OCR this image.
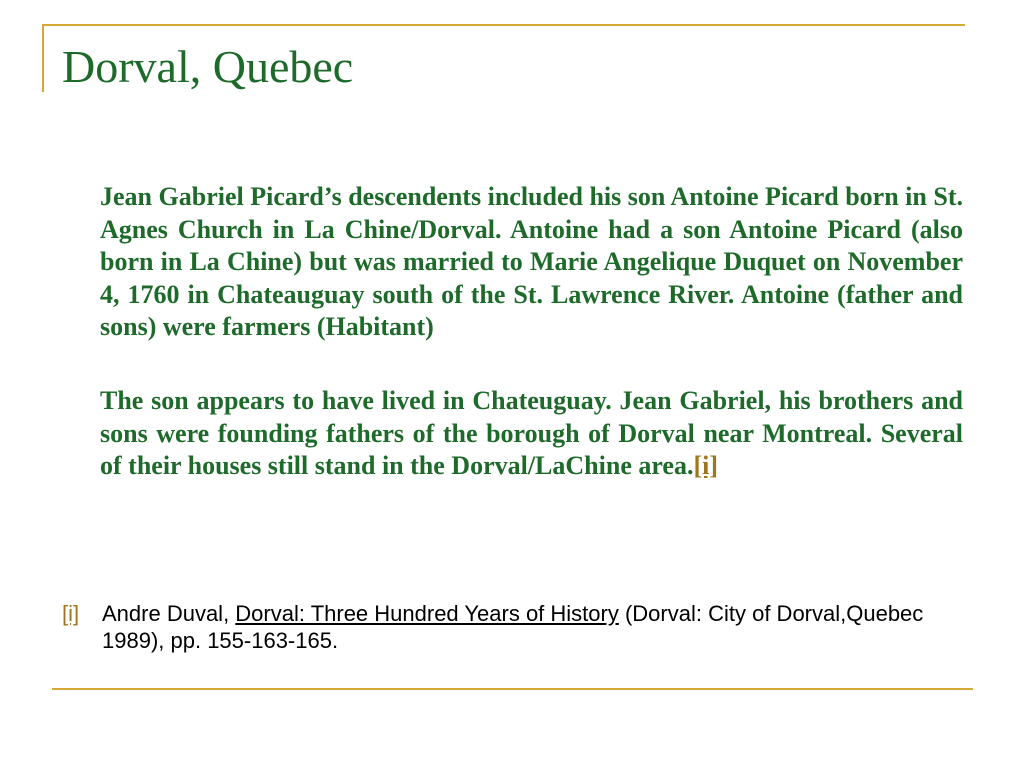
Dorval, Quebec

Jean Gabriel Picard’s descendents included his son Antoine Picard born in St. Agnes Church in La Chine/Dorval. Antoine had a son Antoine Picard (also born in La Chine) but was married to Marie Angelique Duquet on November 4, 1760 in Chateauguay south of the St. Lawrence River. Antoine (father and sons) were farmers (Habitant)

The son appears to have lived in Chateuguay. Jean Gabriel, his brothers and sons were founding fathers of the borough of Dorval near Montreal. Several of their houses still stand in the Dorval/LaChine area.[i]

[i] Andre Duval, Dorval: Three Hundred Years of History (Dorval: City of Dorval,Quebec 1989), pp. 155-163-165.
